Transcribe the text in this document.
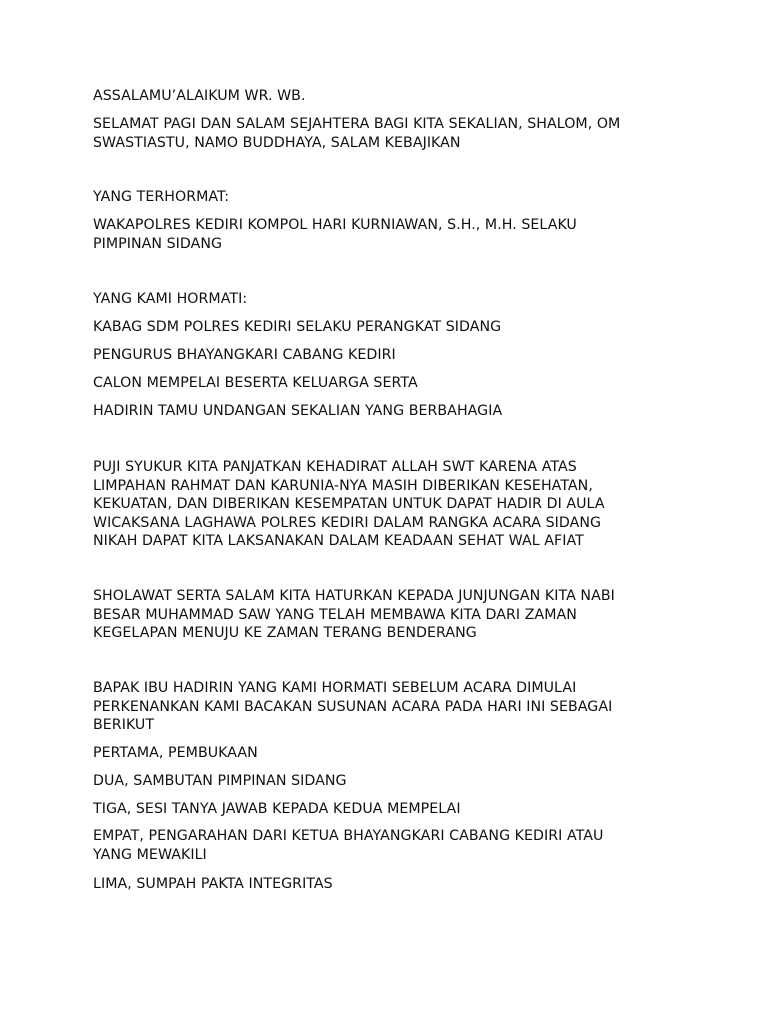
ASSALAMU’ALAIKUM WR. WB.

SELAMAT PAGI DAN SALAM SEJAHTERA BAGI KITA SEKALIAN, SHALOM, OM
SWASTIASTU, NAMO BUDDHAYA, SALAM KEBAJIKAN

YANG TERHORMAT:

WAKAPOLRES KEDIRI KOMPOL HARI KURNIAWAN, S.H., M.H. SELAKU
PIMPINAN SIDANG

YANG KAMI HORMATI:

KABAG SDM POLRES KEDIRI SELAKU PERANGKAT SIDANG

PENGURUS BHAYANGKARI CABANG KEDIRI

CALON MEMPELAI BESERTA KELUARGA SERTA

HADIRIN TAMU UNDANGAN SEKALIAN YANG BERBAHAGIA

PUJI SYUKUR KITA PANJATKAN KEHADIRAT ALLAH SWT KARENA ATAS
LIMPAHAN RAHMAT DAN KARUNIA-NYA MASIH DIBERIKAN KESEHATAN,
KEKUATAN, DAN DIBERIKAN KESEMPATAN UNTUK DAPAT HADIR DI AULA
WICAKSANA LAGHAWA POLRES KEDIRI DALAM RANGKA ACARA SIDANG
NIKAH DAPAT KITA LAKSANAKAN DALAM KEADAAN SEHAT WAL AFIAT

SHOLAWAT SERTA SALAM KITA HATURKAN KEPADA JUNJUNGAN KITA NABI
BESAR MUHAMMAD SAW YANG TELAH MEMBAWA KITA DARI ZAMAN
KEGELAPAN MENUJU KE ZAMAN TERANG BENDERANG

BAPAK IBU HADIRIN YANG KAMI HORMATI SEBELUM ACARA DIMULAI
PERKENANKAN KAMI BACAKAN SUSUNAN ACARA PADA HARI INI SEBAGAI
BERIKUT

PERTAMA, PEMBUKAAN

DUA, SAMBUTAN PIMPINAN SIDANG

TIGA, SESI TANYA JAWAB KEPADA KEDUA MEMPELAI

EMPAT, PENGARAHAN DARI KETUA BHAYANGKARI CABANG KEDIRI ATAU
YANG MEWAKILI

LIMA, SUMPAH PAKTA INTEGRITAS
